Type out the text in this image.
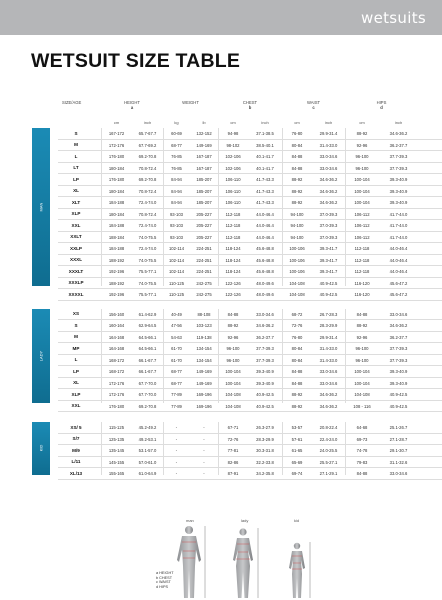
wetsuits
WETSUIT SIZE TABLE
SIZE/AGE	HEIGHT
a
WEIGHT	CHEST
b
WAIST
c
HIPS
d
cm	inch	kg	lb	cm	inch	cm	inch	cm	inch
MAN
S	167-172	65.7-67.7	60-69	132-152	94-98	37.1-38.5	76-80	29.9-31.4	88-92	34.6-36.2
M	172-176	67.7-69.2	68-77	149-169	98-102	38.5-40.1	80-84	31.4-33.0	92-96	36.2-37.7
L	176-180	69.2-70.8	76-85	167-187	102-106	40.1-41.7	84-88	33.0-34.6	96-100	37.7-39.3
LT	180-184	70.8-72.4	76-85	167-187	102-106	40.1-41.7	84-88	33.0-34.6	96-100	37.7-39.3
LP	176-180	69.2-70.8	84-94	185-207	106-110	41.7-43.3	88-92	34.6-36.2	100-104	39.3-40.9
XL	180-184	70.8-72.4	84-94	185-207	106-110	41.7-43.3	88-92	34.6-36.2	100-104	39.3-40.9
XLT	184-188	72.4-74.0	84-94	185-207	106-110	41.7-43.3	88-92	34.6-36.2	100-104	39.3-40.9
XLP	180-184	70.8-72.4	93-103	205-227	112-118	44.0-46.4	94-100	37.0-39.3	106-112	41.7-44.0
XXL	184-188	72.4-74.0	93-103	205-227	112-118	44.0-46.4	94-100	37.0-39.3	106-112	41.7-44.0
XXLT	188-184	74.0-75.5	93-103	205-227	112-118	44.0-46.4	94-100	37.0-39.3	106-112	41.7-44.0
XXLP	184-188	72.4-74.0	102-114	224-251	118-124	45.6-48.8	100-106	39.3-41.7	112-118	44.0-46.4
XXXL	188-192	74.0-75.5	102-114	224-251	118-124	45.6-48.8	100-106	39.3-41.7	112-118	44.0-46.4
XXXLT	192-196	75.5-77.1	102-114	224-251	118-124	45.6-48.8	100-106	39.3-41.7	112-118	44.0-46.4
XXXLP	188-192	74.0-75.5	110-125	242-275	122-126	48.0-49.6	104-108	40.9-42.5	116-120	45.6-47.2
XXXXL	192-196	75.5-77.1	110-125	242-275	122-126	48.0-49.6	104-108	40.9-42.5	116-120	45.6-47.2
LADY
XS	156-160	61.4-62.9	40-49	88-108	84-88	33.0-34.6	68-72	26.7-28.3	84-88	33.0-34.6
S	160-164	62.9-64.5	47-56	103-123	88-92	34.6-36.2	72-76	28.3-29.9	88-92	34.6-36.2
M	164-168	64.5-66.1	54-63	119-138	92-96	36.2-37.7	76-80	29.9-31.4	92-96	36.2-37.7
MP	164-168	64.5-66.1	61-70	134-154	96-100	37.7-39.3	80-84	31.4-33.0	96-100	37.7-39.3
L	168-172	66.1-67.7	61-70	134-154	96-100	37.7-39.3	80-84	31.4-33.0	96-100	37.7-39.3
LP	168-172	66.1-67.7	68-77	149-169	100-104	39.3-40.9	84-88	33.0-34.6	100-104	39.3-40.9
XL	172-176	67.7-70.0	68-77	149-169	100-104	39.3-40.9	84-88	33.0-34.6	100-104	39.3-40.9
XLP	172-176	67.7-70.0	77-89	169-196	104-108	40.9-42.5	88-92	34.6-36.2	104-108	40.9-42.5
XXL	176-180	69.2-70.8	77-89	169-196	104-108	40.9-42.5	88-92	34.6-36.2	108 - 116	40.9-42.5
KID
XS/ 5	115-125	45.2-49.2	-	-	67-71	26.3-27.9	53-57	20.8-22.4	64-68	25.1-26.7
S/7	125-135	49.2-53.1	-	-	72-76	28.3-29.9	57-61	22.4-24.0	69-73	27.1-28.7
M/9	135-145	53.1-57.0	-	-	77-81	30.3-31.8	61-65	24.0-25.5	74-78	29.1-30.7
L/11	145-155	57.0-61.0	-	-	82-86	32.2-33.8	65-69	25.5-27.1	79-83	31.1-32.6
XL/13	155-165	61.0-64.9	-	-	87-91	34.2-35.8	69-74	27.1-29.1	84-88	33.0-34.6
man	lady	kid
a HEIGHT
b CHEST
c WAIST
d HIPS
